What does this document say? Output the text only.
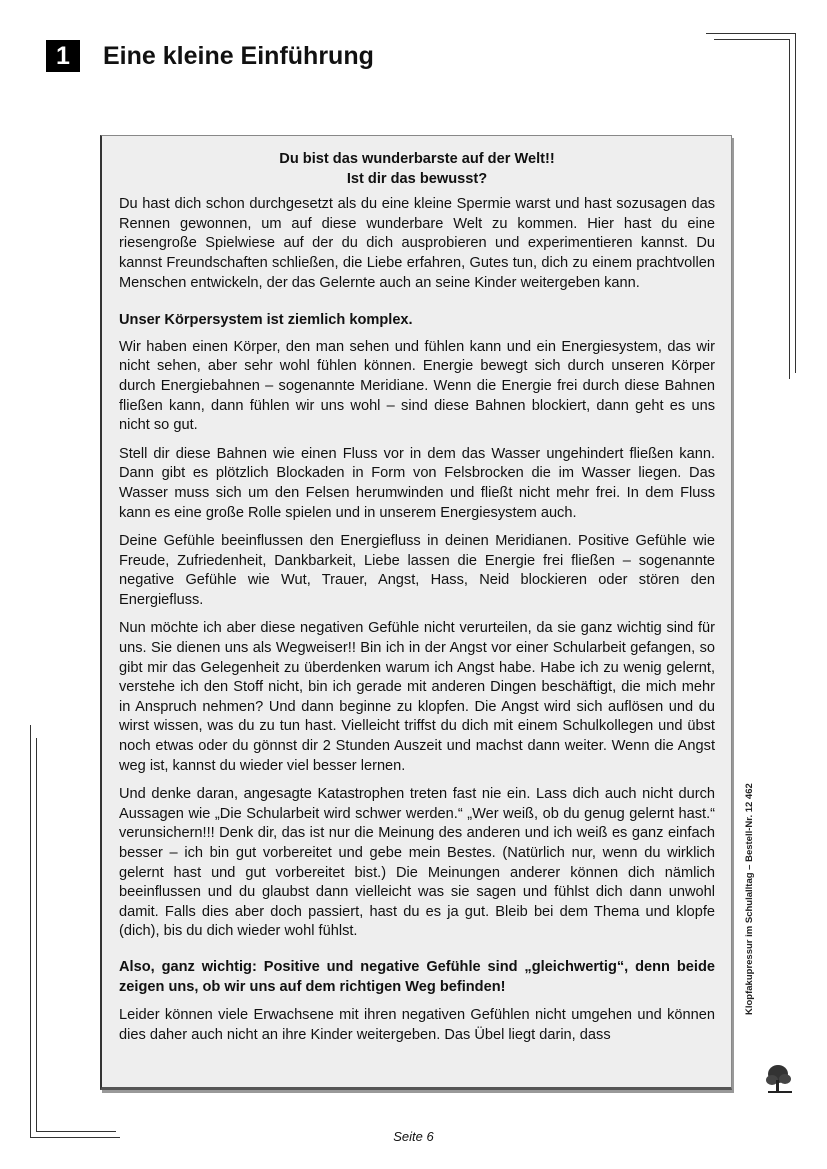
1	Eine kleine Einführung
Du bist das wunderbarste auf der Welt!!
Ist dir das bewusst?

Du hast dich schon durchgesetzt als du eine kleine Spermie warst und hast sozusagen das Rennen gewonnen, um auf diese wunderbare Welt zu kommen. Hier hast du eine riesengroße Spielwiese auf der du dich ausprobieren und experimentieren kannst. Du kannst Freundschaften schließen, die Liebe erfahren, Gutes tun, dich zu einem prachtvollen Menschen entwickeln, der das Gelernte auch an seine Kinder weitergeben kann.

Unser Körpersystem ist ziemlich komplex.

Wir haben einen Körper, den man sehen und fühlen kann und ein Energiesystem, das wir nicht sehen, aber sehr wohl fühlen können. Energie bewegt sich durch unseren Körper durch Energiebahnen – sogenannte Meridiane. Wenn die Energie frei durch diese Bahnen fließen kann, dann fühlen wir uns wohl – sind diese Bahnen blockiert, dann geht es uns nicht so gut.

Stell dir diese Bahnen wie einen Fluss vor in dem das Wasser ungehindert fließen kann. Dann gibt es plötzlich Blockaden in Form von Felsbrocken die im Wasser liegen. Das Wasser muss sich um den Felsen herumwinden und fließt nicht mehr frei. In dem Fluss kann es eine große Rolle spielen und in unserem Energiesystem auch.

Deine Gefühle beeinflussen den Energiefluss in deinen Meridianen. Positive Gefühle wie Freude, Zufriedenheit, Dankbarkeit, Liebe lassen die Energie frei fließen – sogenannte negative Gefühle wie Wut, Trauer, Angst, Hass, Neid blockieren oder stören den Energiefluss.

Nun möchte ich aber diese negativen Gefühle nicht verurteilen, da sie ganz wichtig sind für uns. Sie dienen uns als Wegweiser!! Bin ich in der Angst vor einer Schularbeit gefangen, so gibt mir das Gelegenheit zu überdenken warum ich Angst habe. Habe ich zu wenig gelernt, verstehe ich den Stoff nicht, bin ich gerade mit anderen Dingen beschäftigt, die mich mehr in Anspruch nehmen? Und dann beginne zu klopfen. Die Angst wird sich auflösen und du wirst wissen, was du zu tun hast. Vielleicht triffst du dich mit einem Schulkollegen und übst noch etwas oder du gönnst dir 2 Stunden Auszeit und machst dann weiter. Wenn die Angst weg ist, kannst du wieder viel besser lernen.

Und denke daran, angesagte Katastrophen treten fast nie ein. Lass dich auch nicht durch Aussagen wie „Die Schularbeit wird schwer werden.“ „Wer weiß, ob du genug gelernt hast.“ verunsichern!!! Denk dir, das ist nur die Meinung des anderen und ich weiß es ganz einfach besser – ich bin gut vorbereitet und gebe mein Bestes. (Natürlich nur, wenn du wirklich gelernt hast und gut vorbereitet bist.) Die Meinungen anderer können dich nämlich beeinflussen und du glaubst dann vielleicht was sie sagen und fühlst dich dann unwohl damit. Falls dies aber doch passiert, hast du es ja gut. Bleib bei dem Thema und klopfe (dich), bis du dich wieder wohl fühlst.

Also, ganz wichtig: Positive und negative Gefühle sind „gleichwertig“, denn beide zeigen uns, ob wir uns auf dem richtigen Weg befinden!

Leider können viele Erwachsene mit ihren negativen Gefühlen nicht umgehen und können dies daher auch nicht an ihre Kinder weitergeben. Das Übel liegt darin, dass

Klopfakupressur im Schulalltag – Bestell-Nr. 12 462
Seite 6
